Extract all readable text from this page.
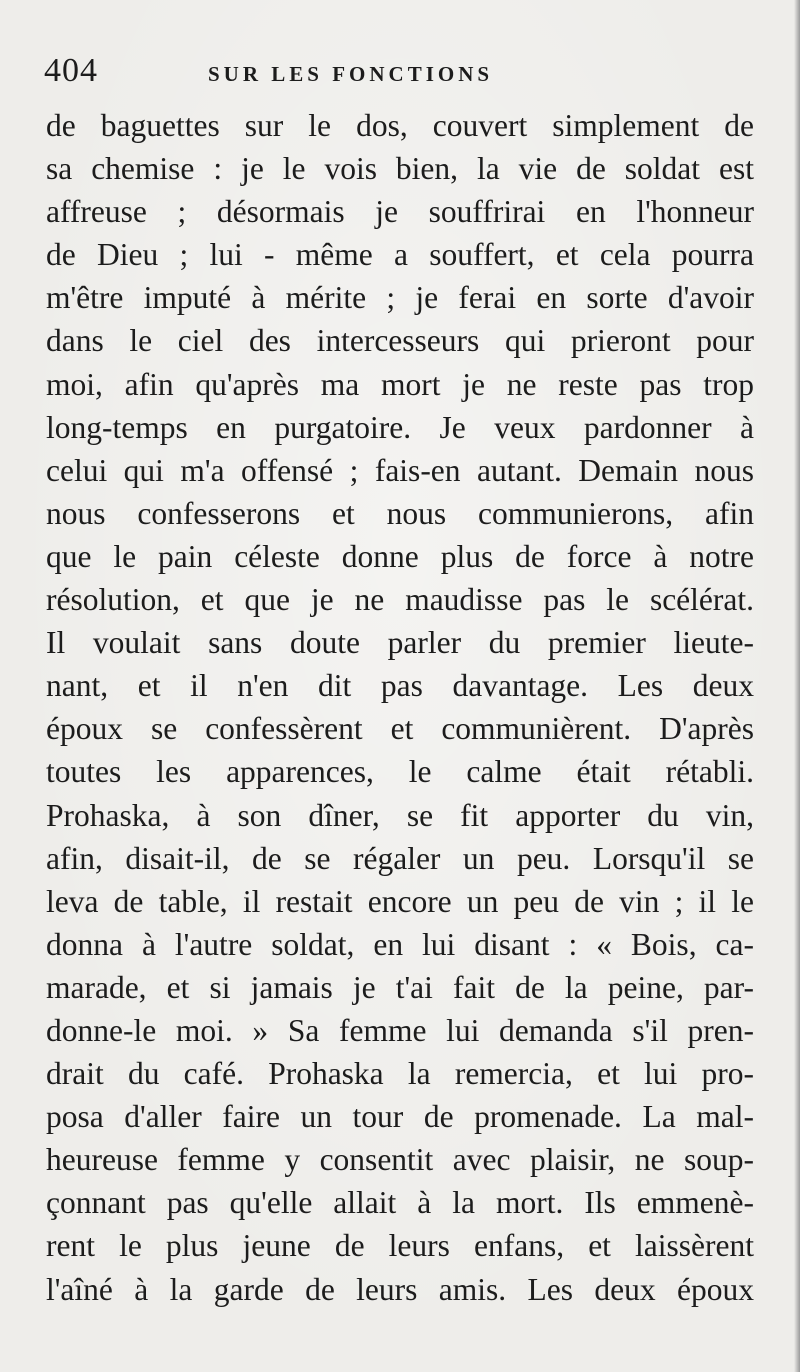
404	SUR LES FONCTIONS
de baguettes sur le dos, couvert simplement de
sa chemise : je le vois bien, la vie de soldat est
affreuse ; désormais je souffrirai en l'honneur
de Dieu ; lui - même a souffert, et cela pourra
m'être imputé à mérite ; je ferai en sorte d'avoir
dans le ciel des intercesseurs qui prieront pour
moi, afin qu'après ma mort je ne reste pas trop
long-temps en purgatoire. Je veux pardonner à
celui qui m'a offensé ; fais-en autant. Demain nous
nous confesserons et nous communierons, afin
que le pain céleste donne plus de force à notre
résolution, et que je ne maudisse pas le scélérat.
Il voulait sans doute parler du premier lieute-
nant, et il n'en dit pas davantage. Les deux
époux se confessèrent et communièrent. D'après
toutes les apparences, le calme était rétabli.
Prohaska, à son dîner, se fit apporter du vin,
afin, disait-il, de se régaler un peu. Lorsqu'il se
leva de table, il restait encore un peu de vin ; il le
donna à l'autre soldat, en lui disant : « Bois, ca-
marade, et si jamais je t'ai fait de la peine, par-
donne-le moi. » Sa femme lui demanda s'il pren-
drait du café. Prohaska la remercia, et lui pro-
posa d'aller faire un tour de promenade. La mal-
heureuse femme y consentit avec plaisir, ne soup-
çonnant pas qu'elle allait à la mort. Ils emmenè-
rent le plus jeune de leurs enfans, et laissèrent
l'aîné à la garde de leurs amis. Les deux époux
